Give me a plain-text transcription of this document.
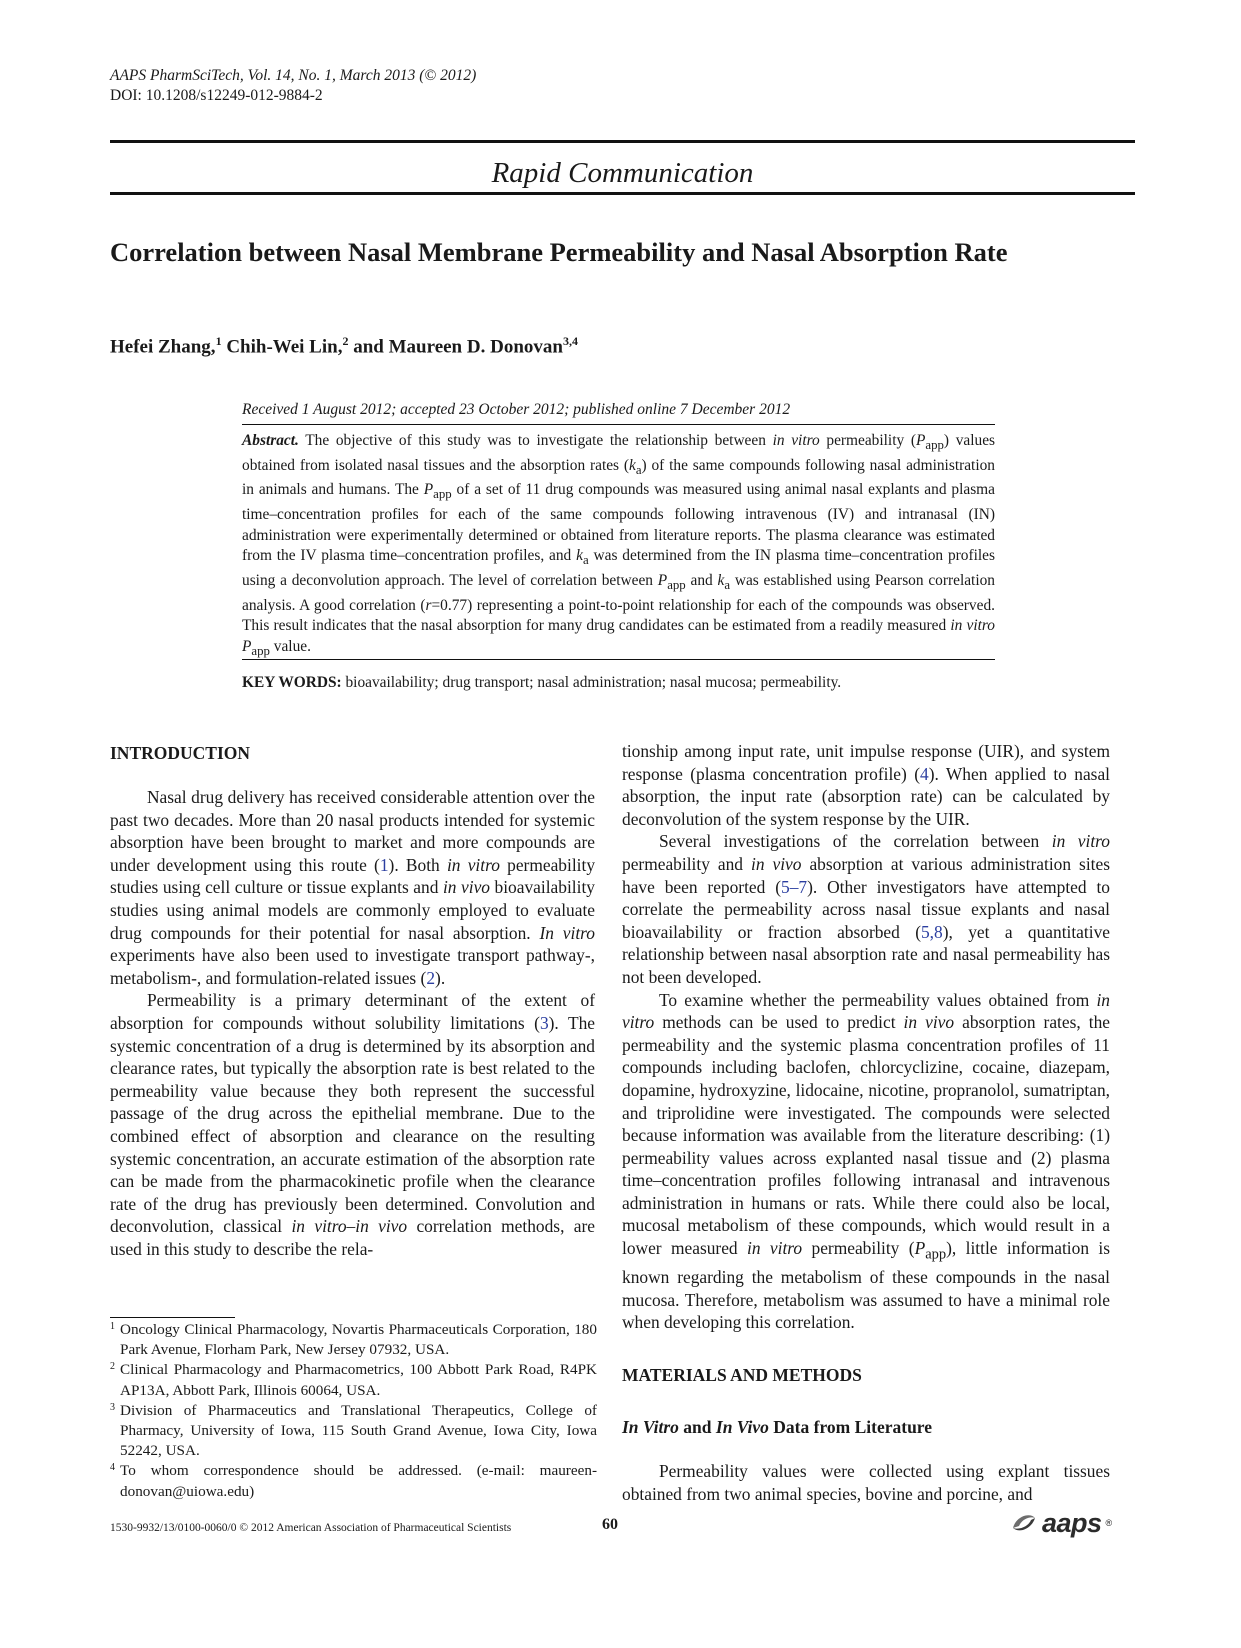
AAPS PharmSciTech, Vol. 14, No. 1, March 2013 (© 2012)
DOI: 10.1208/s12249-012-9884-2
Rapid Communication
Correlation between Nasal Membrane Permeability and Nasal Absorption Rate
Hefei Zhang,$^1$ Chih-Wei Lin,$^2$ and Maureen D. Donovan$^{3,4}$
Received 1 August 2012; accepted 23 October 2012; published online 7 December 2012
Abstract. The objective of this study was to investigate the relationship between in vitro permeability $(P_{app})$ values obtained from isolated nasal tissues and the absorption rates $(k_a)$ of the same compounds following nasal administration in animals and humans. The $P_{app}$ of a set of 11 drug compounds was measured using animal nasal explants and plasma time–concentration profiles for each of the same compounds following intravenous (IV) and intranasal (IN) administration were experimentally determined or obtained from literature reports. The plasma clearance was estimated from the IV plasma time–concentration profiles, and $k_a$ was determined from the IN plasma time–concentration profiles using a deconvolution approach. The level of correlation between $P_{app}$ and $k_a$ was established using Pearson correlation analysis. A good correlation (r=0.77) representing a point-to-point relationship for each of the compounds was observed. This result indicates that the nasal absorption for many drug candidates can be estimated from a readily measured in vitro $P_{app}$ value.
KEY WORDS: bioavailability; drug transport; nasal administration; nasal mucosa; permeability.
INTRODUCTION

Nasal drug delivery has received considerable attention over the past two decades. More than 20 nasal products intended for systemic absorption have been brought to market and more compounds are under development using this route (1). Both in vitro permeability studies using cell culture or tissue explants and in vivo bioavailability studies using animal models are commonly employed to evaluate drug compounds for their potential for nasal absorption. In vitro experiments have also been used to investigate transport pathway-, metabolism-, and formulation-related issues (2).

Permeability is a primary determinant of the extent of absorption for compounds without solubility limitations (3). The systemic concentration of a drug is determined by its absorption and clearance rates, but typically the absorption rate is best related to the permeability value because they both represent the successful passage of the drug across the epithelial membrane. Due to the combined effect of absorption and clearance on the resulting systemic concentration, an accurate estimation of the absorption rate can be made from the pharmacokinetic profile when the clearance rate of the drug has previously been determined. Convolution and deconvolution, classical in vitro–in vivo correlation methods, are used in this study to describe the rela-

1 Oncology Clinical Pharmacology, Novartis Pharmaceuticals Corporation, 180 Park Avenue, Florham Park, New Jersey 07932, USA.

2 Clinical Pharmacology and Pharmacometrics, 100 Abbott Park Road, R4PK AP13A, Abbott Park, Illinois 60064, USA.

3 Division of Pharmaceutics and Translational Therapeutics, College of Pharmacy, University of Iowa, 115 South Grand Avenue, Iowa City, Iowa 52242, USA.

4 To whom correspondence should be addressed. (e-mail: maureen-donovan@uiowa.edu)

tionship among input rate, unit impulse response (UIR), and system response (plasma concentration profile) (4). When applied to nasal absorption, the input rate (absorption rate) can be calculated by deconvolution of the system response by the UIR.

Several investigations of the correlation between in vitro permeability and in vivo absorption at various administration sites have been reported (5–7). Other investigators have attempted to correlate the permeability across nasal tissue explants and nasal bioavailability or fraction absorbed (5,8), yet a quantitative relationship between nasal absorption rate and nasal permeability has not been developed.

To examine whether the permeability values obtained from in vitro methods can be used to predict in vivo absorption rates, the permeability and the systemic plasma concentration profiles of 11 compounds including baclofen, chlorcyclizine, cocaine, diazepam, dopamine, hydroxyzine, lidocaine, nicotine, propranolol, sumatriptan, and triprolidine were investigated. The compounds were selected because information was available from the literature describing: (1) permeability values across explanted nasal tissue and (2) plasma time–concentration profiles following intranasal and intravenous administration in humans or rats. While there could also be local, mucosal metabolism of these compounds, which would result in a lower measured in vitro permeability $(P_{app})$, little information is known regarding the metabolism of these compounds in the nasal mucosa. Therefore, metabolism was assumed to have a minimal role when developing this correlation.

MATERIALS AND METHODS
In Vitro and In Vivo Data from Literature

Permeability values were collected using explant tissues obtained from two animal species, bovine and porcine, and

1530-9932/13/0100-0060/0 © 2012 American Association of Pharmaceutical Scientists	60	aaps ®
